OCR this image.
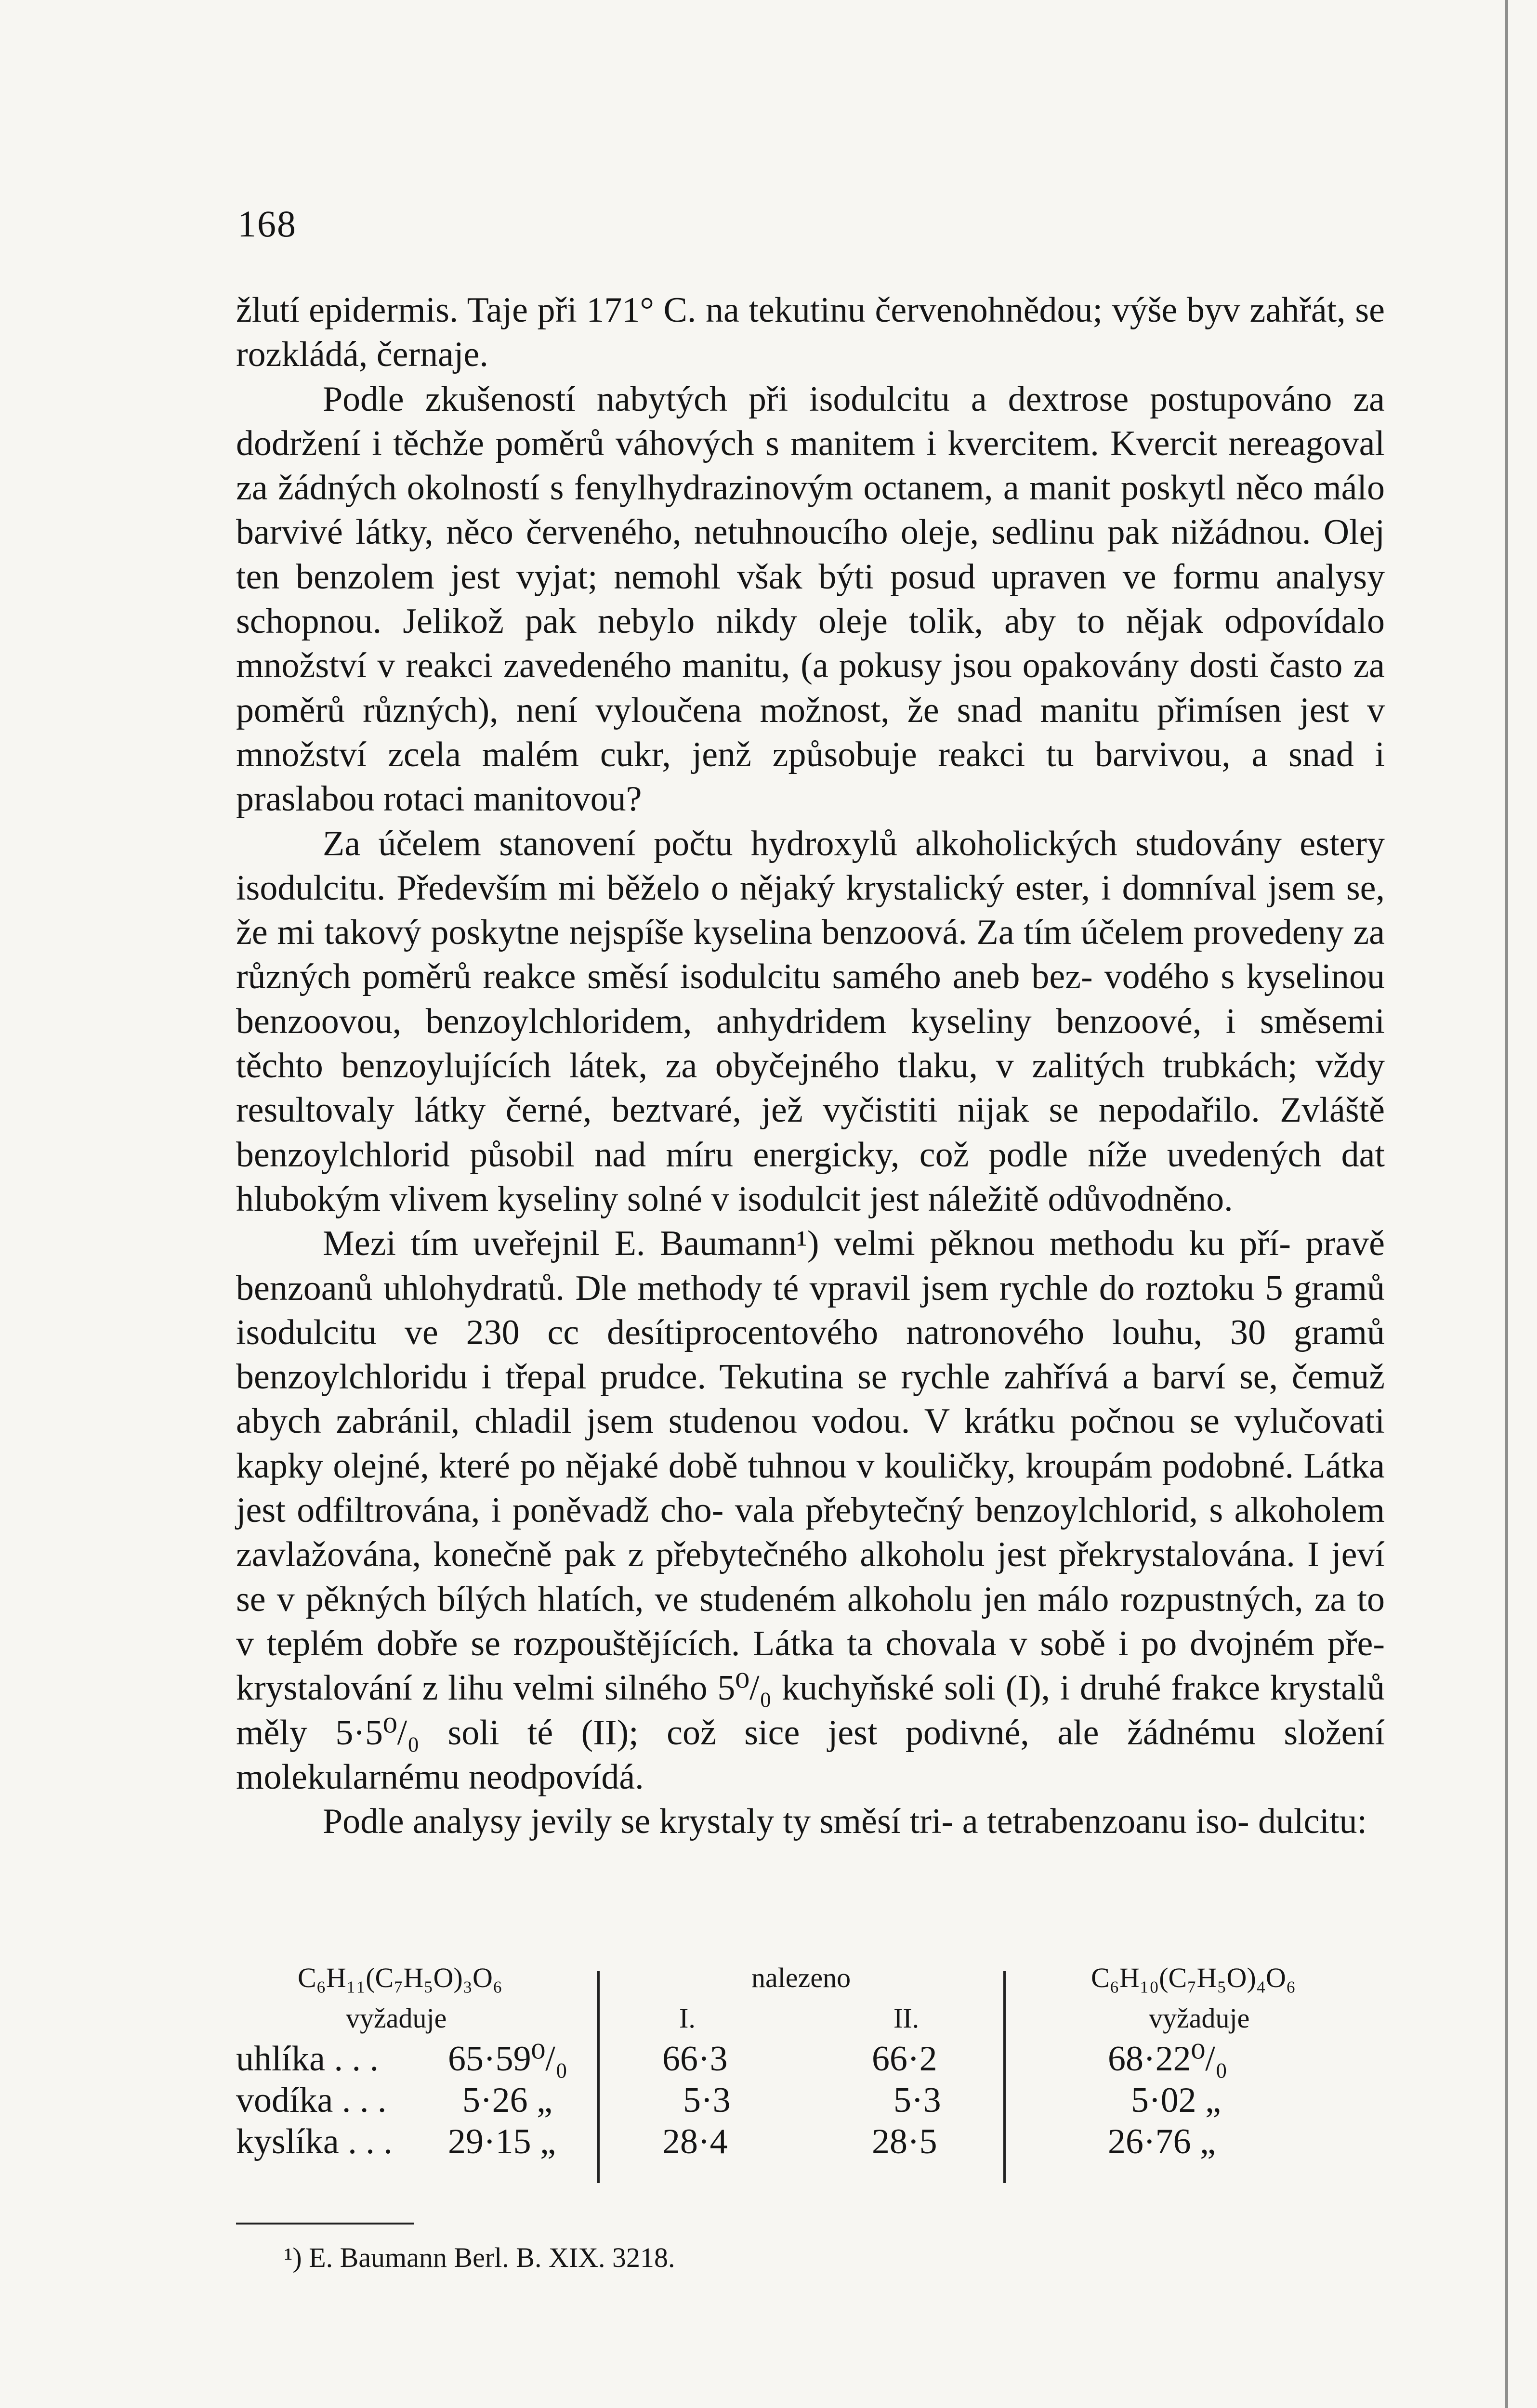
168

žlutí epidermis. Taje při 171° C. na tekutinu červenohnědou; výše byv zahřát, se rozkládá, černaje.

Podle zkušeností nabytých při isodulcitu a dextrose postupováno za dodržení i těchže poměrů váhových s manitem i kvercitem. Kvercit nereagoval za žádných okolností s fenylhydrazinovým octanem, a manit poskytl něco málo barvivé látky, něco červeného, netuhnoucího oleje, sedlinu pak nižádnou. Olej ten benzolem jest vyjat; nemohl však býti posud upraven ve formu analysy schopnou. Jelikož pak nebylo nikdy oleje tolik, aby to nějak odpovídalo množství v reakci zavedeného manitu, (a pokusy jsou opakovány dosti často za poměrů různých), není vyloučena možnost, že snad manitu přimísen jest v množství zcela malém cukr, jenž způsobuje reakci tu barvivou, a snad i praslabou rotaci manitovou?

Za účelem stanovení počtu hydroxylů alkoholických studovány estery isodulcitu. Především mi běželo o nějaký krystalický ester, i domníval jsem se, že mi takový poskytne nejspíše kyselina benzoová. Za tím účelem provedeny za různých poměrů reakce směsí isodulcitu samého aneb bez- vodého s kyselinou benzoovou, benzoylchloridem, anhydridem kyseliny benzoové, i směsemi těchto benzoylujících látek, za obyčejného tlaku, v zalitých trubkách; vždy resultovaly látky černé, beztvaré, jež vyčistiti nijak se nepodařilo. Zvláště benzoylchlorid působil nad míru energicky, což podle níže uvedených dat hlubokým vlivem kyseliny solné v isodulcit jest náležitě odůvodněno.

Mezi tím uveřejnil E. Baumann¹) velmi pěknou methodu ku pří- pravě benzoanů uhlohydratů. Dle methody té vpravil jsem rychle do roztoku 5 gramů isodulcitu ve 230 cc desítiprocentového natronového louhu, 30 gramů benzoylchloridu i třepal prudce. Tekutina se rychle zahřívá a barví se, čemuž abych zabránil, chladil jsem studenou vodou. V krátku počnou se vylučovati kapky olejné, které po nějaké době tuhnou v kouličky, kroupám podobné. Látka jest odfiltrována, i poněvadž cho- vala přebytečný benzoylchlorid, s alkoholem zavlažována, konečně pak z přebytečného alkoholu jest překrystalována. I jeví se v pěkných bílých hlatích, ve studeném alkoholu jen málo rozpustných, za to v teplém dobře se rozpouštějících. Látka ta chovala v sobě i po dvojném pře- krystalování z lihu velmi silného 5⁰/₀ kuchyňské soli (I), i druhé frakce krystalů měly 5·5⁰/₀ soli té (II); což sice jest podivné, ale žádnému složení molekularnému neodpovídá.

Podle analysy jevily se krystaly ty směsí tri- a tetrabenzoanu iso- dulcitu:

C₆H₁₁(C₇H₅O)₃O₆
vyžaduje
uhlíka . . .
vodíka . . .
kyslíka . . .
65·59⁰/₀
5·26 „
29·15 „
nalezeno
I.	II.
66·3
5·3
28·4
66·2
5·3
28·5
C₆H₁₀(C₇H₅O)₄O₆
vyžaduje
68·22⁰/₀
5·02 „
26·76 „
¹) E. Baumann Berl. B. XIX. 3218.
